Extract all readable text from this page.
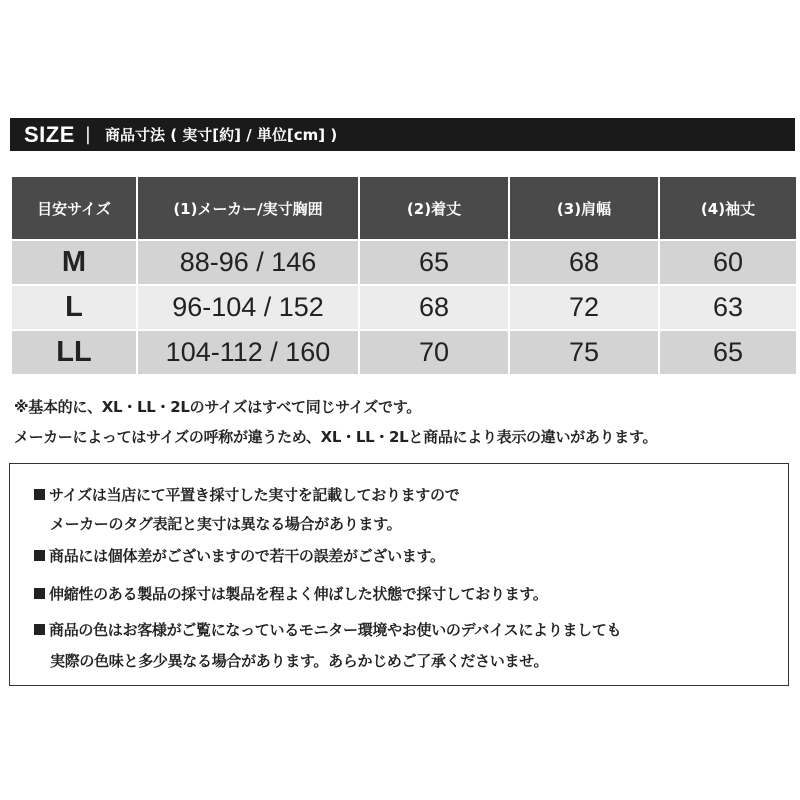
SIZE | 商品寸法 ( 実寸[約] / 単位[cm] )
目安サイズ	(1)メーカー/実寸胸囲	(2)着丈	(3)肩幅	(4)袖丈
M	88-96 / 146	65	68	60
L	96-104 / 152	68	72	63
LL	104-112 / 160	70	75	65
※基本的に、XL・LL・2Lのサイズはすべて同じサイズです。
メーカーによってはサイズの呼称が違うため、XL・LL・2Lと商品により表示の違いがあります。
サイズは当店にて平置き採寸した実寸を記載しておりますので
メーカーのタグ表記と実寸は異なる場合があります。
商品には個体差がございますので若干の誤差がございます。
伸縮性のある製品の採寸は製品を程よく伸ばした状態で採寸しております。
商品の色はお客様がご覧になっているモニター環境やお使いのデバイスによりましても
実際の色味と多少異なる場合があります。あらかじめご了承くださいませ。
